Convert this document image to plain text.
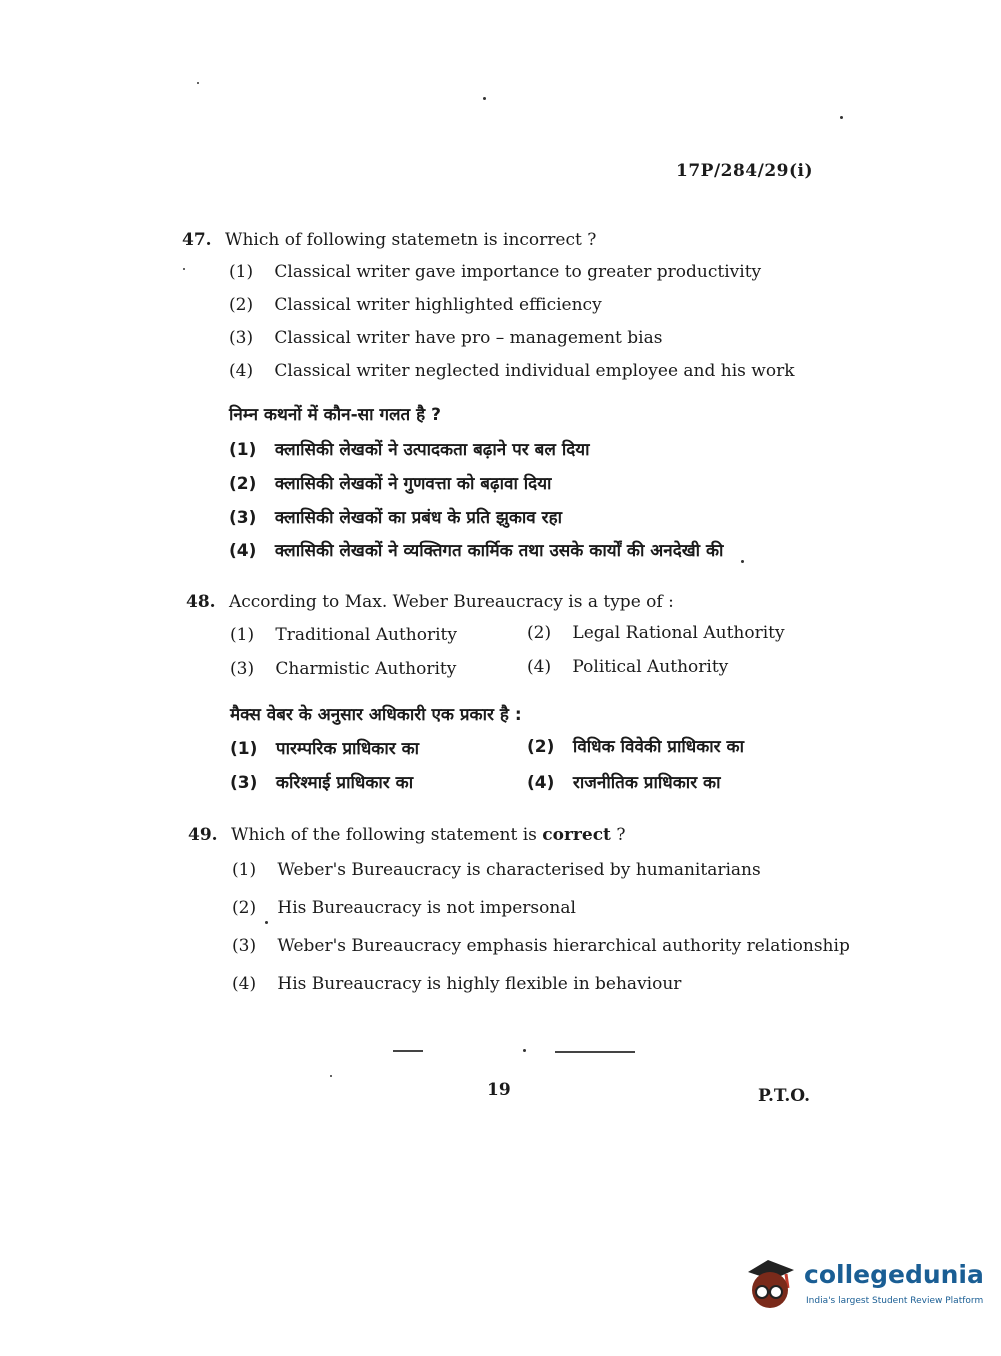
17P/284/29(i)
47. Which of following statemetn is incorrect ?
(1) Classical writer gave importance to greater productivity
(2) Classical writer highlighted efficiency
(3) Classical writer have pro – management bias
(4) Classical writer neglected individual employee and his work
निम्न कथनों में कौन-सा गलत है ?
(1) क्लासिकी लेखकों ने उत्पादकता बढ़ाने पर बल दिया
(2) क्लासिकी लेखकों ने गुणवत्ता को बढ़ावा दिया
(3) क्लासिकी लेखकों का प्रबंध के प्रति झुकाव रहा
(4) क्लासिकी लेखकों ने व्यक्तिगत कार्मिक तथा उसके कार्यों की अनदेखी की
48. According to Max. Weber Bureaucracy is a type of :
(1) Traditional Authority	(2) Legal Rational Authority
(3) Charmistic Authority	(4) Political Authority
मैक्स वेबर के अनुसार अधिकारी एक प्रकार है :
(1) पारम्परिक प्राधिकार का	(2) विधिक विवेकी प्राधिकार का
(3) करिश्माई प्राधिकार का	(4) राजनीतिक प्राधिकार का
49. Which of the following statement is correct ?
(1) Weber's Bureaucracy is characterised by humanitarians
(2) His Bureaucracy is not impersonal
(3) Weber's Bureaucracy emphasis hierarchical authority relationship
(4) His Bureaucracy is highly flexible in behaviour
19	P.T.O.
collegedunia
India's largest Student Review Platform
